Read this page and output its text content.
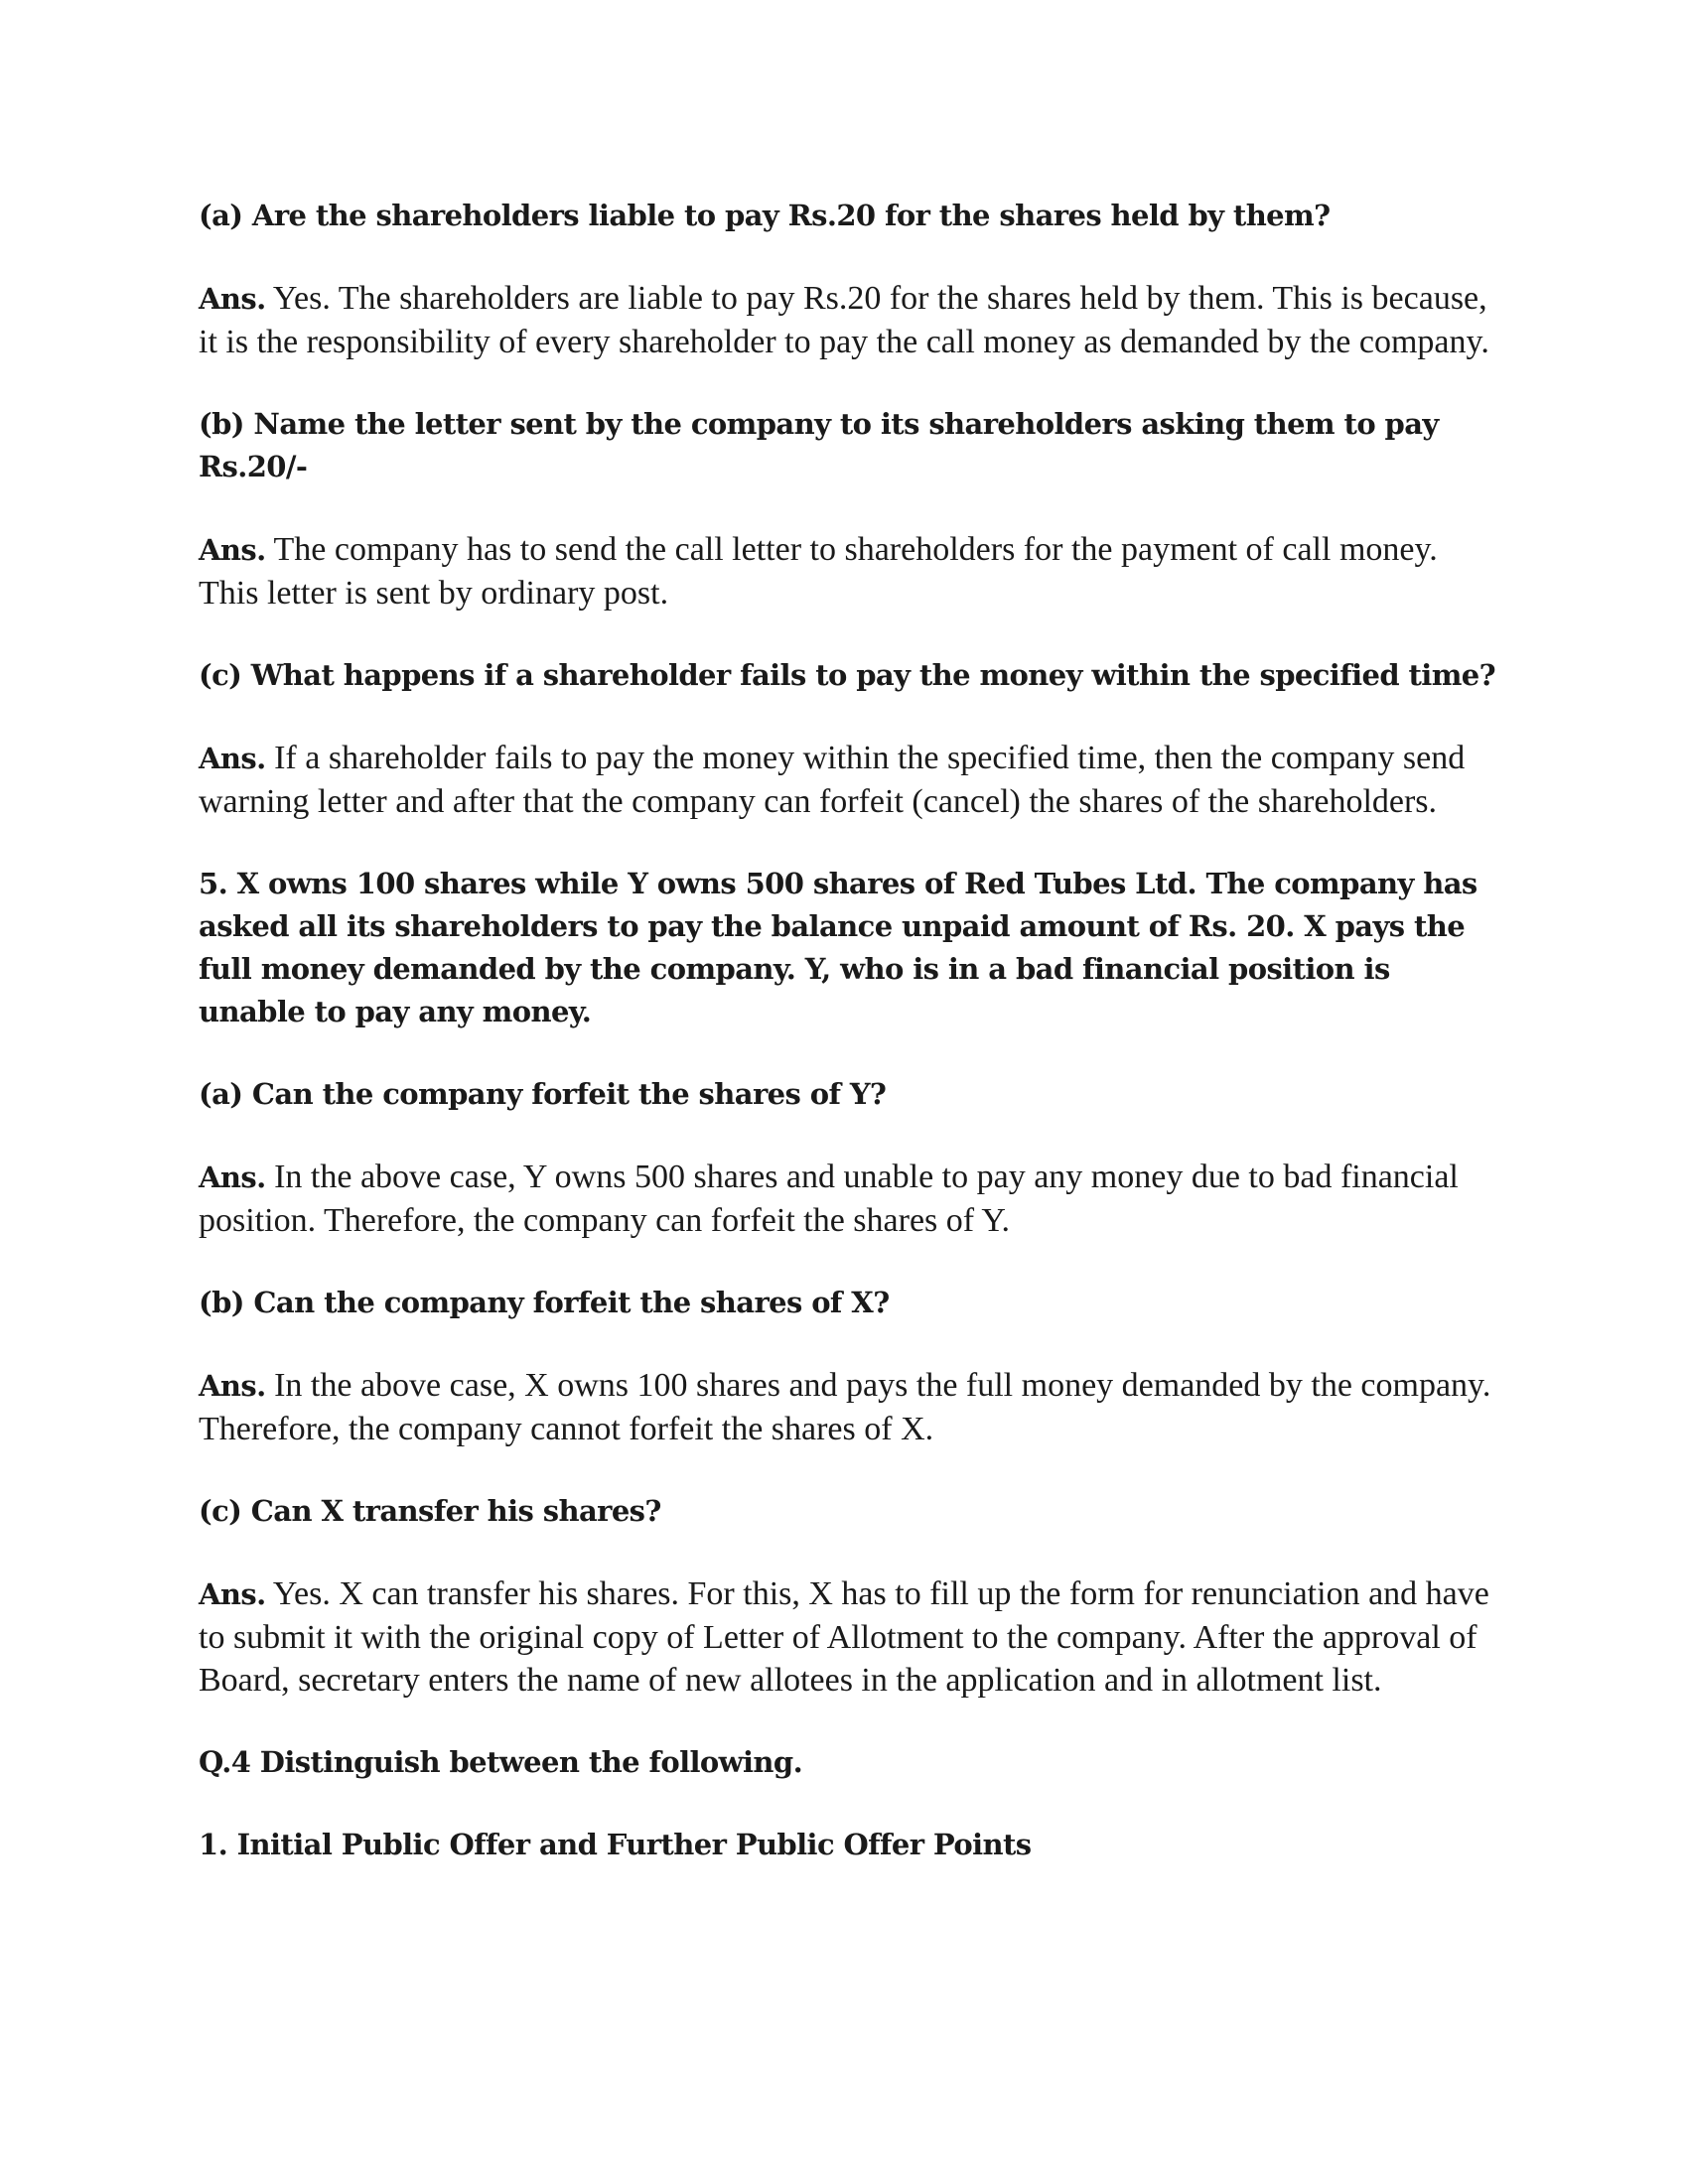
(a) Are the shareholders liable to pay Rs.20 for the shares held by them?

Ans. Yes. The shareholders are liable to pay Rs.20 for the shares held by them. This is because, it is the responsibility of every shareholder to pay the call money as demanded by the company.

(b) Name the letter sent by the company to its shareholders asking them to pay Rs.20/-

Ans. The company has to send the call letter to shareholders for the payment of call money. This letter is sent by ordinary post.

(c) What happens if a shareholder fails to pay the money within the specified time?

Ans. If a shareholder fails to pay the money within the specified time, then the company send warning letter and after that the company can forfeit (cancel) the shares of the shareholders.

5. X owns 100 shares while Y owns 500 shares of Red Tubes Ltd. The company has asked all its shareholders to pay the balance unpaid amount of Rs. 20. X pays the full money demanded by the company. Y, who is in a bad financial position is unable to pay any money.

(a) Can the company forfeit the shares of Y?

Ans. In the above case, Y owns 500 shares and unable to pay any money due to bad financial position. Therefore, the company can forfeit the shares of Y.

(b) Can the company forfeit the shares of X?

Ans. In the above case, X owns 100 shares and pays the full money demanded by the company. Therefore, the company cannot forfeit the shares of X.

(c) Can X transfer his shares?

Ans. Yes. X can transfer his shares. For this, X has to fill up the form for renunciation and have to submit it with the original copy of Letter of Allotment to the company. After the approval of Board, secretary enters the name of new allotees in the application and in allotment list.

Q.4 Distinguish between the following.

1. Initial Public Offer and Further Public Offer Points
